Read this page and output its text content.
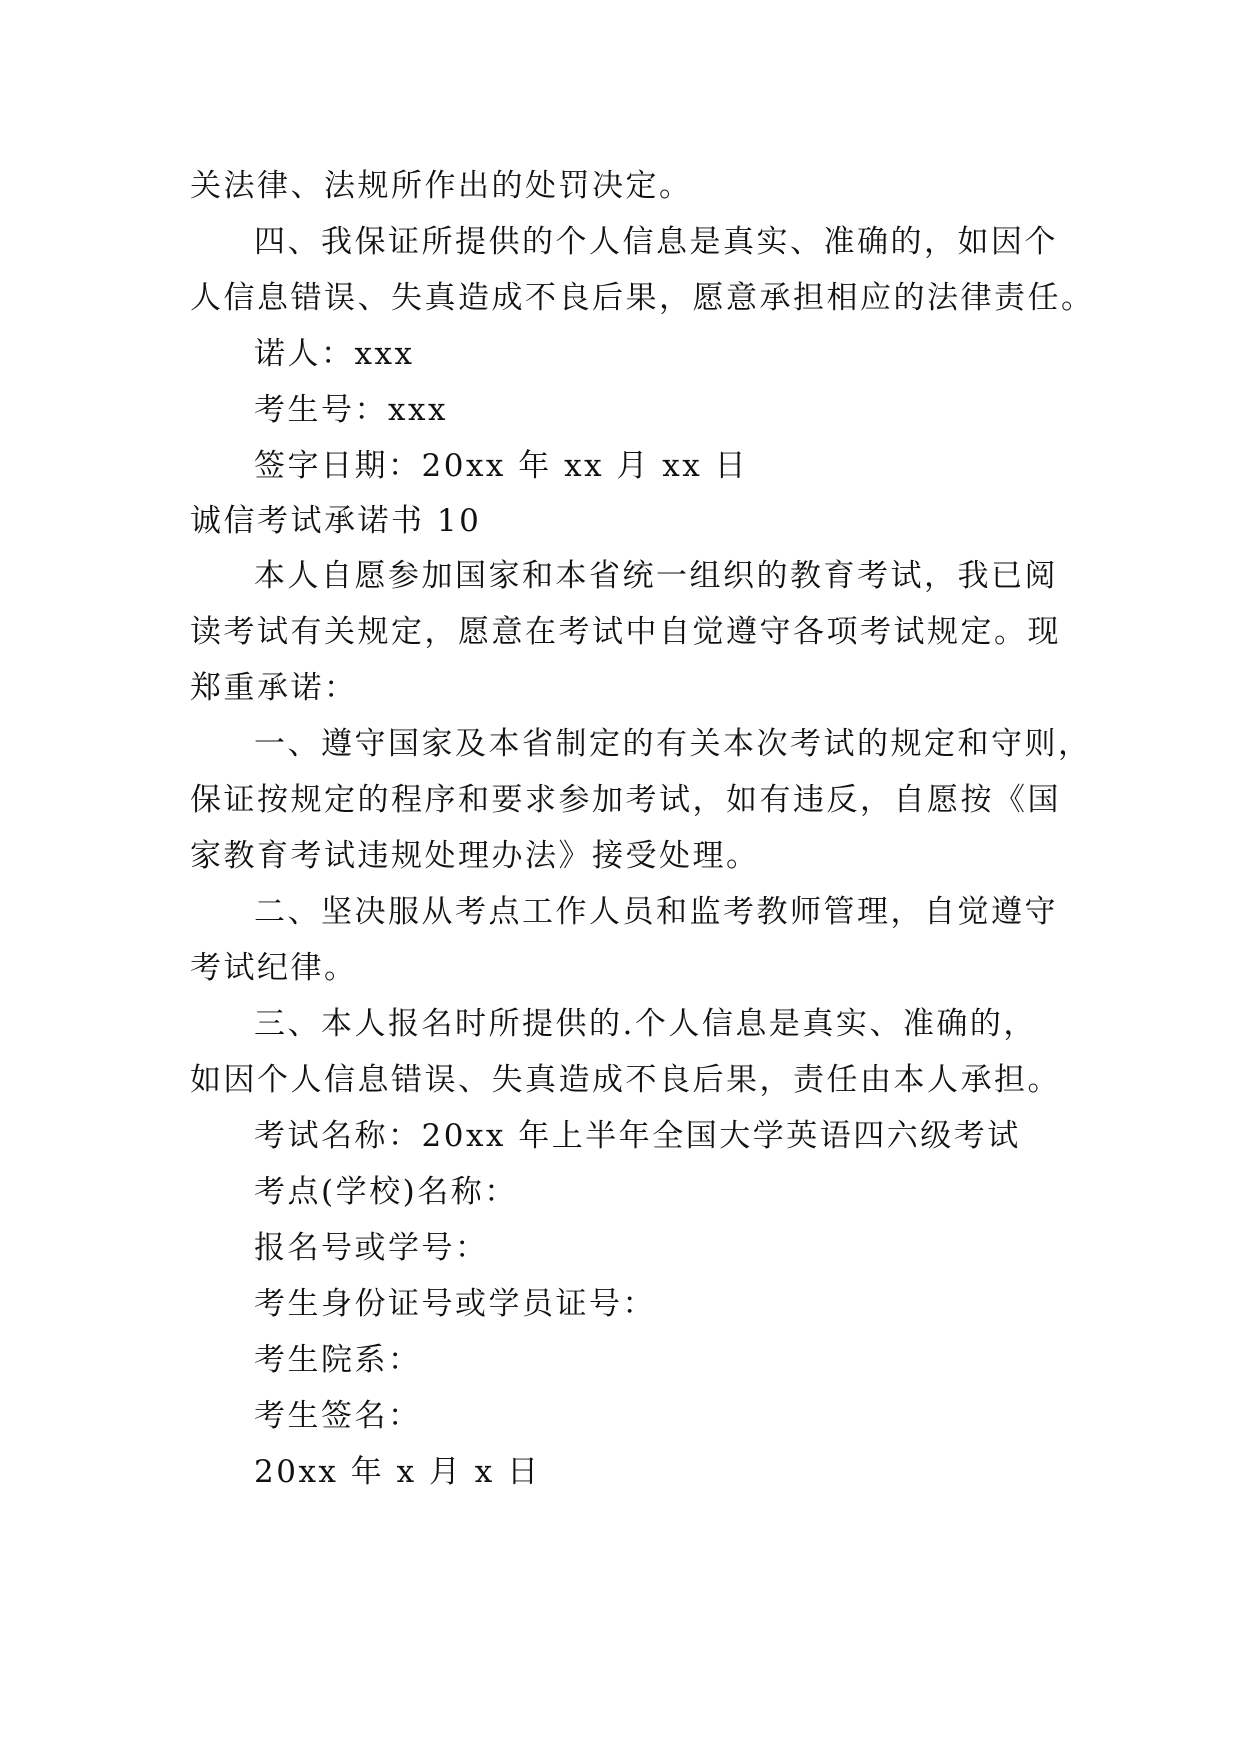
关法律、法规所作出的处罚决定。
四、我保证所提供的个人信息是真实、准确的，如因个
人信息错误、失真造成不良后果，愿意承担相应的法律责任。
诺人：xxx
考生号：xxx
签字日期：20xx 年 xx 月 xx 日
诚信考试承诺书 10
本人自愿参加国家和本省统一组织的教育考试，我已阅
读考试有关规定，愿意在考试中自觉遵守各项考试规定。现
郑重承诺：
一、遵守国家及本省制定的有关本次考试的规定和守则，
保证按规定的程序和要求参加考试，如有违反，自愿按《国
家教育考试违规处理办法》接受处理。
二、坚决服从考点工作人员和监考教师管理，自觉遵守
考试纪律。
三、本人报名时所提供的.个人信息是真实、准确的，
如因个人信息错误、失真造成不良后果，责任由本人承担。
考试名称：20xx 年上半年全国大学英语四六级考试
考点(学校)名称：
报名号或学号：
考生身份证号或学员证号：
考生院系：
考生签名：
20xx 年 x 月 x 日
